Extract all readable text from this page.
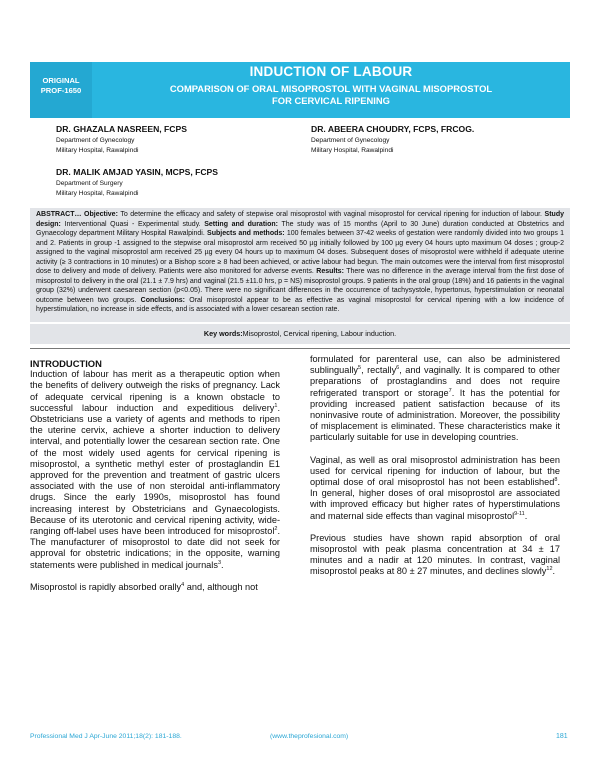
ORIGINAL
PROF-1650
INDUCTION OF LABOUR
COMPARISON OF ORAL MISOPROSTOL WITH VAGINAL MISOPROSTOL
FOR CERVICAL RIPENING
DR. GHAZALA NASREEN, FCPS
Department of Gynecology
Military Hospital, Rawalpindi
DR. ABEERA CHOUDRY, FCPS, FRCOG.
Department of Gynecology
Military Hospital, Rawalpindi
DR. MALIK AMJAD YASIN, MCPS, FCPS
Department of Surgery
Military Hospital, Rawalpindi
ABSTRACT… Objective: To determine the efficacy and safety of stepwise oral misoprostol with vaginal misoprostol for cervical ripening for induction of labour. Study design: Interventional Quasi - Experimental study. Setting and duration: The study was of 15 months (April to 30 June) duration conducted at Obstetrics and Gynaecology department Military Hospital Rawalpindi. Subjects and methods: 100 females between 37-42 weeks of gestation were randomly divided into two groups 1 and 2. Patients in group -1 assigned to the stepwise oral misoprostol arm received 50 µg initially followed by 100 µg every 04 hours upto maximum 04 doses ; group-2 assigned to the vaginal misoprostol arm received 25 µg every 04 hours up to maximum 04 doses. Subsequent doses of misoprostol were withheld if adequate uterine activity (≥ 3 contractions in 10 minutes) or a Bishop score ≥ 8 had been achieved, or active labour had begun. The main outcomes were the interval from first misoprostol dose to delivery and mode of delivery. Patients were also monitored for adverse events. Results: There was no difference in the average interval from the first dose of misoprostol to delivery in the oral (21.1 ± 7.9 hrs) and vaginal (21.5 ±11.0 hrs, p = NS) misoprostol groups. 9 patients in the oral group (18%) and 16 patients in the vaginal group (32%) underwent caesarean section (p<0.05). There were no significant differences in the occurrence of tachysystole, hypertonus, hyperstimulation or neonatal outcome between two groups. Conclusions: Oral misoprostol appear to be as effective as vaginal misoprostol for cervical ripening with a low incidence of hyperstimulation, no increase in side effects, and is associated with a lower cesarean section rate.
Key words:Misoprostol, Cervical ripening, Labour induction.
INTRODUCTION
Induction of labour has merit as a therapeutic option when the benefits of delivery outweigh the risks of pregnancy. Lack of adequate cervical ripening is a known obstacle to successful labour induction and expeditious delivery$^1$. Obstetricians use a variety of agents and methods to ripen the uterine cervix, achieve a shorter induction to delivery interval, and potentially lower the cesarean section rate. One of the most widely used agents for cervical ripening is misoprostol, a synthetic methyl ester of prostaglandin E1 approved for the prevention and treatment of gastric ulcers associated with the use of non steroidal anti-inflammatory drugs. Since the early 1990s, misoprostol has found increasing interest by Obstetricians and Gynaecologists. Because of its uterotonic and cervical ripening activity, wide-ranging off-label uses have been introduced for misoprostol$^2$. The manufacturer of misoprostol to date did not seek for approval for obstetric indications; in the opposite, warning statements were published in medical journals$^3$.
Misoprostol is rapidly absorbed orally$^4$ and, although not
formulated for parenteral use, can also be administered sublingually$^5$, rectally$^6$, and vaginally. It is compared to other preparations of prostaglandins and does not require refrigerated transport or storage$^7$. It has the potential for providing increased patient satisfaction because of its noninvasive route of administration. Moreover, the possibility of misplacement is eliminated. These characteristics make it particularly suitable for use in developing countries.
Vaginal, as well as oral misoprostol administration has been used for cervical ripening for induction of labour, but the optimal dose of oral misoprostol has not been established$^8$. In general, higher doses of oral misoprostol are associated with improved efficacy but higher rates of hyperstimulations and maternal side effects than vaginal misoprostol$^{9-11}$.
Previous studies have shown rapid absorption of oral misoprostol with peak plasma concentration at 34 ± 17 minutes and a nadir at 120 minutes. In contrast, vaginal misoprostol peaks at 80 ± 27 minutes, and declines slowly$^{12}$.
Professional Med J Apr-June 2011;18(2): 181-188.	(www.theprofesional.com)	181
